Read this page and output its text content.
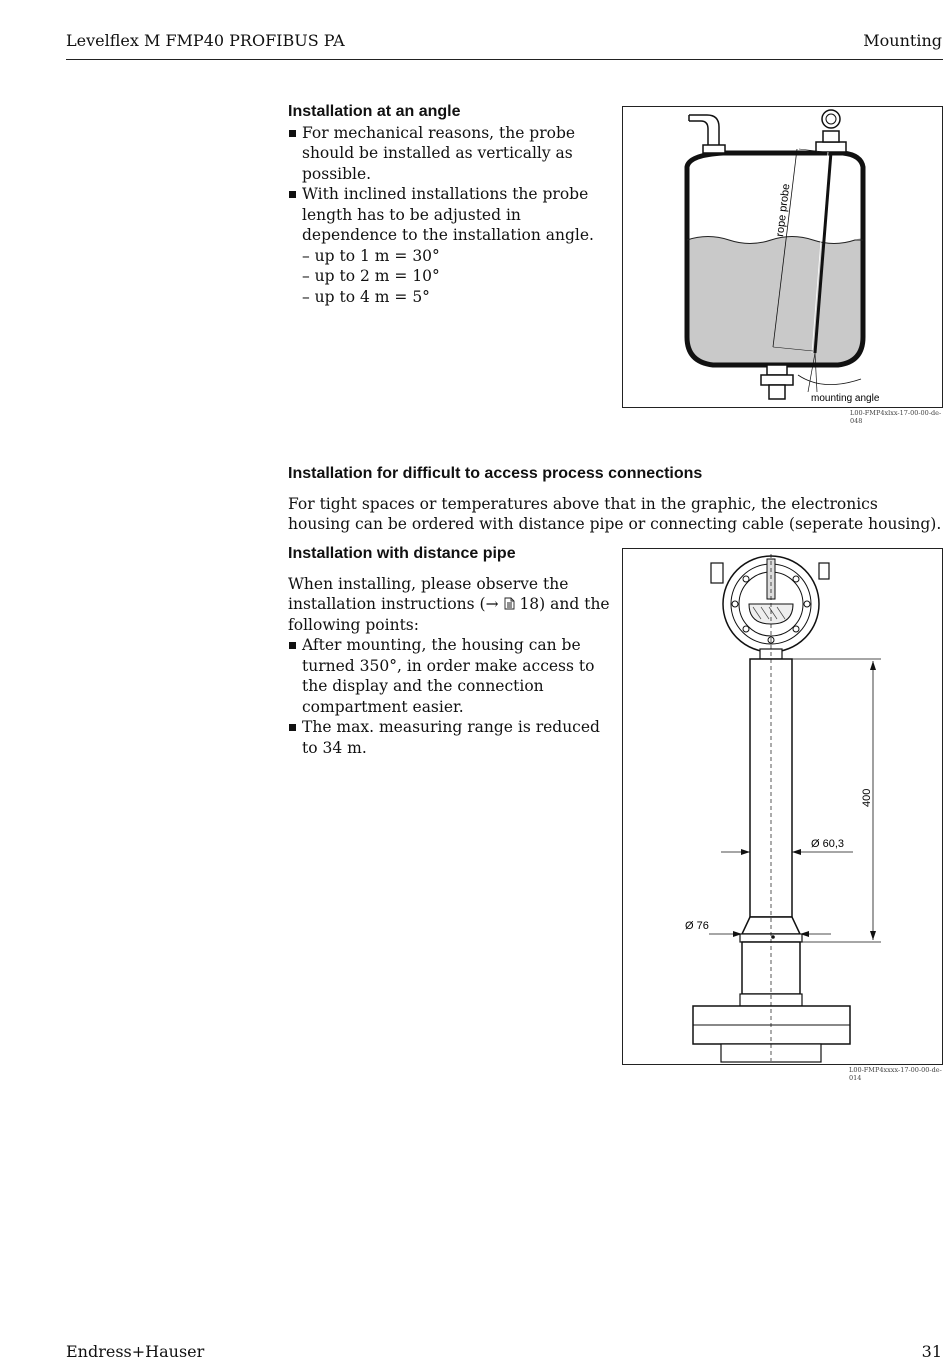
Levelflex M FMP40 PROFIBUS PA	Mounting
Installation at an angle
For mechanical reasons, the probe should be installed as vertically as possible.
With inclined installations the probe length has to be adjusted in dependence to the installation angle.
– up to 1 m = 30°
– up to 2 m = 10°
– up to 4 m = 5°
rope probe
mounting angle
L00-FMP4xlxx-17-00-00-de-048
Installation for difficult to access process connections

For tight spaces or temperatures above that in the graphic, the electronics housing can be ordered with distance pipe or connecting cable (seperate housing).

Installation with distance pipe

When installing, please observe the installation instructions (→ 18) and the following points:

After mounting, the housing can be turned 350°, in order make access to the display and the connection compartment easier.
The max. measuring range is reduced to 34 m.
400
Ø 60,3
Ø 76
L00-FMP4xxxx-17-00-00-de-014
Endress+Hauser	31
